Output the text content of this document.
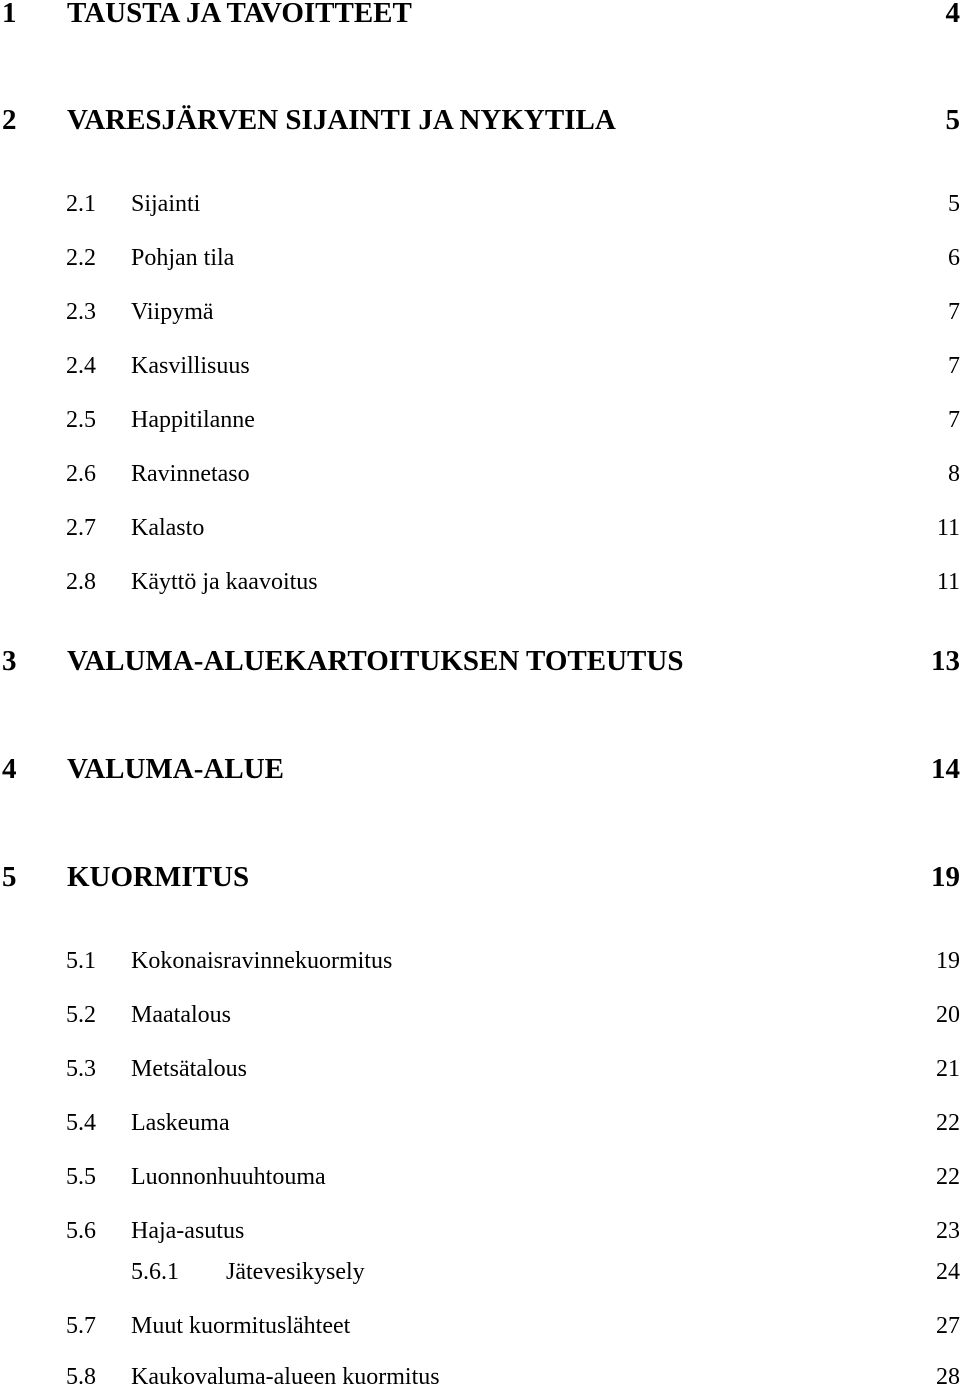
1 TAUSTA JA TAVOITTEET	4
2 VARESJÄRVEN SIJAINTI JA NYKYTILA	5
2.1 Sijainti	5
2.2 Pohjan tila	6
2.3 Viipymä	7
2.4 Kasvillisuus	7
2.5 Happitilanne	7
2.6 Ravinnetaso	8
2.7 Kalasto	11
2.8 Käyttö ja kaavoitus	11
3 VALUMA-ALUEKARTOITUKSEN TOTEUTUS	13
4 VALUMA-ALUE	14
5 KUORMITUS	19
5.1 Kokonaisravinnekuormitus	19
5.2 Maatalous	20
5.3 Metsätalous	21
5.4 Laskeuma	22
5.5 Luonnonhuuhtouma	22
5.6 Haja-asutus	23
5.6.1 Jätevesikysely	24
5.7 Muut kuormituslähteet	27
5.8 Kaukovaluma-alueen kuormitus	28
